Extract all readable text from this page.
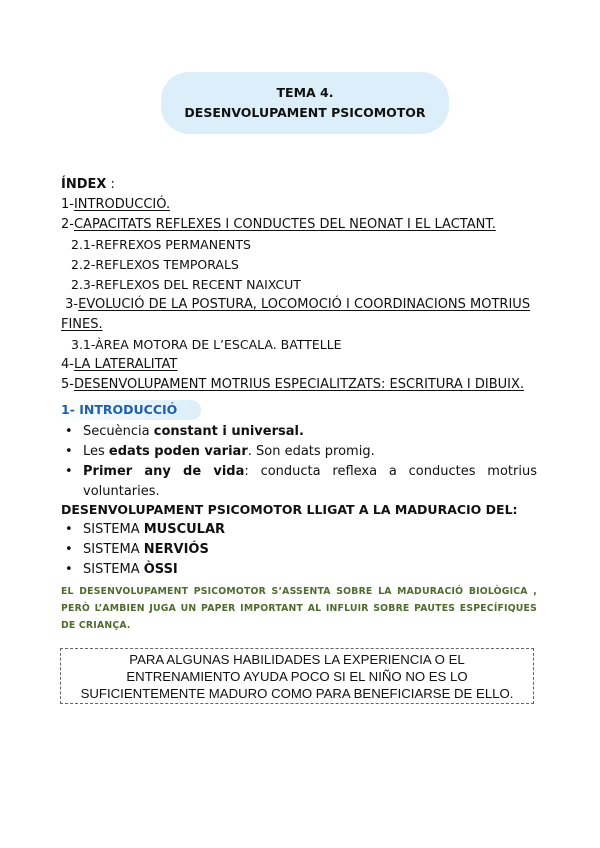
TEMA 4.
DESENVOLUPAMENT PSICOMOTOR
ÍNDEX :
1-INTRODUCCIÓ.
2-CAPACITATS REFLEXES I CONDUCTES DEL NEONAT I EL LACTANT.
2.1-REFREXOS PERMANENTS
2.2-REFLEXOS TEMPORALS
2.3-REFLEXOS DEL RECENT NAIXCUT
3-EVOLUCIÓ DE LA POSTURA, LOCOMOCIÓ I COORDINACIONS MOTRIUS
FINES.
3.1-ÀREA MOTORA DE L’ESCALA. BATTELLE
4-LA LATERALITAT
5-DESENVOLUPAMENT MOTRIUS ESPECIALITZATS: ESCRITURA I DIBUIX.
1- INTRODUCCIÓ
• Secuència constant i universal.
• Les edats poden variar. Son edats promig.
• Primer any de vida: conducta reflexa a conductes motrius voluntaries.
DESENVOLUPAMENT PSICOMOTOR LLIGAT A LA MADURACIO DEL:
• SISTEMA MUSCULAR
• SISTEMA NERVIÓS
• SISTEMA ÒSSI
EL DESENVOLUPAMENT PSICOMOTOR S’ASSENTA SOBRE LA MADURACIÓ BIOLÒGICA , PERÒ L’AMBIEN JUGA UN PAPER IMPORTANT AL INFLUIR SOBRE PAUTES ESPECÍFIQUES DE CRIANÇA.
PARA ALGUNAS HABILIDADES LA EXPERIENCIA O EL
ENTRENAMIENTO AYUDA POCO SI EL NIÑO NO ES LO
SUFICIENTEMENTE MADURO COMO PARA BENEFICIARSE DE ELLO.
